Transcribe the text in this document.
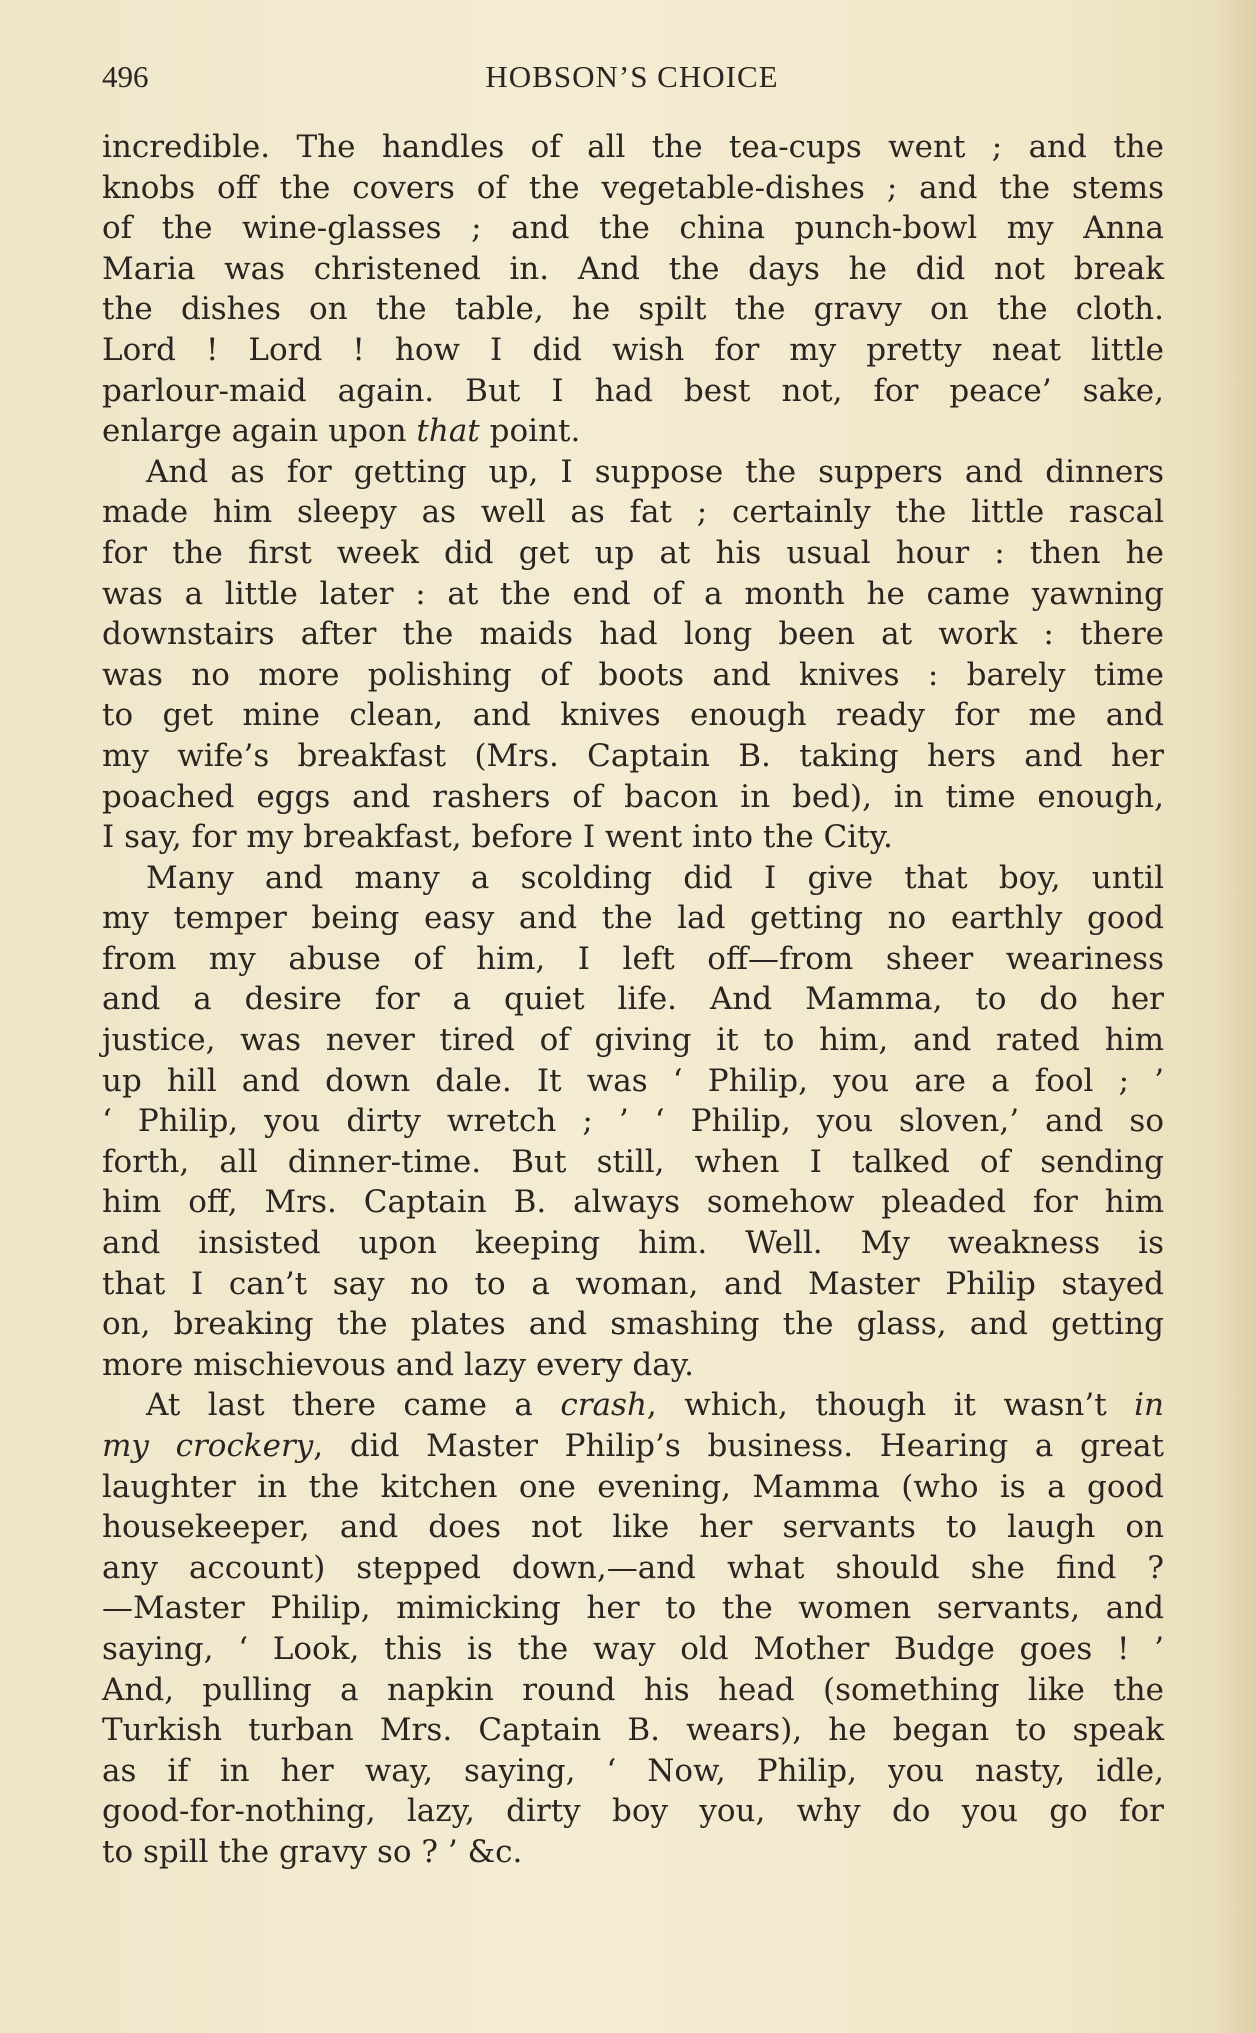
496	HOBSON’S CHOICE
incredible. The handles of all the tea-cups went ; and the
knobs off the covers of the vegetable-dishes ; and the stems
of the wine-glasses ; and the china punch-bowl my Anna
Maria was christened in. And the days he did not break
the dishes on the table, he spilt the gravy on the cloth.
Lord ! Lord ! how I did wish for my pretty neat little
parlour-maid again. But I had best not, for peace’ sake,
enlarge again upon that point.
And as for getting up, I suppose the suppers and dinners
made him sleepy as well as fat ; certainly the little rascal
for the first week did get up at his usual hour : then he
was a little later : at the end of a month he came yawning
downstairs after the maids had long been at work : there
was no more polishing of boots and knives : barely time
to get mine clean, and knives enough ready for me and
my wife’s breakfast (Mrs. Captain B. taking hers and her
poached eggs and rashers of bacon in bed), in time enough,
I say, for my breakfast, before I went into the City.
Many and many a scolding did I give that boy, until
my temper being easy and the lad getting no earthly good
from my abuse of him, I left off—from sheer weariness
and a desire for a quiet life. And Mamma, to do her
justice, was never tired of giving it to him, and rated him
up hill and down dale. It was ‘ Philip, you are a fool ; ’
‘ Philip, you dirty wretch ; ’ ‘ Philip, you sloven,’ and so
forth, all dinner-time. But still, when I talked of sending
him off, Mrs. Captain B. always somehow pleaded for him
and insisted upon keeping him. Well. My weakness is
that I can’t say no to a woman, and Master Philip stayed
on, breaking the plates and smashing the glass, and getting
more mischievous and lazy every day.
At last there came a crash, which, though it wasn’t in
my crockery, did Master Philip’s business. Hearing a great
laughter in the kitchen one evening, Mamma (who is a good
housekeeper, and does not like her servants to laugh on
any account) stepped down,—and what should she find ?
—Master Philip, mimicking her to the women servants, and
saying, ‘ Look, this is the way old Mother Budge goes ! ’
And, pulling a napkin round his head (something like the
Turkish turban Mrs. Captain B. wears), he began to speak
as if in her way, saying, ‘ Now, Philip, you nasty, idle,
good-for-nothing, lazy, dirty boy you, why do you go for
to spill the gravy so ? ’ &c.
